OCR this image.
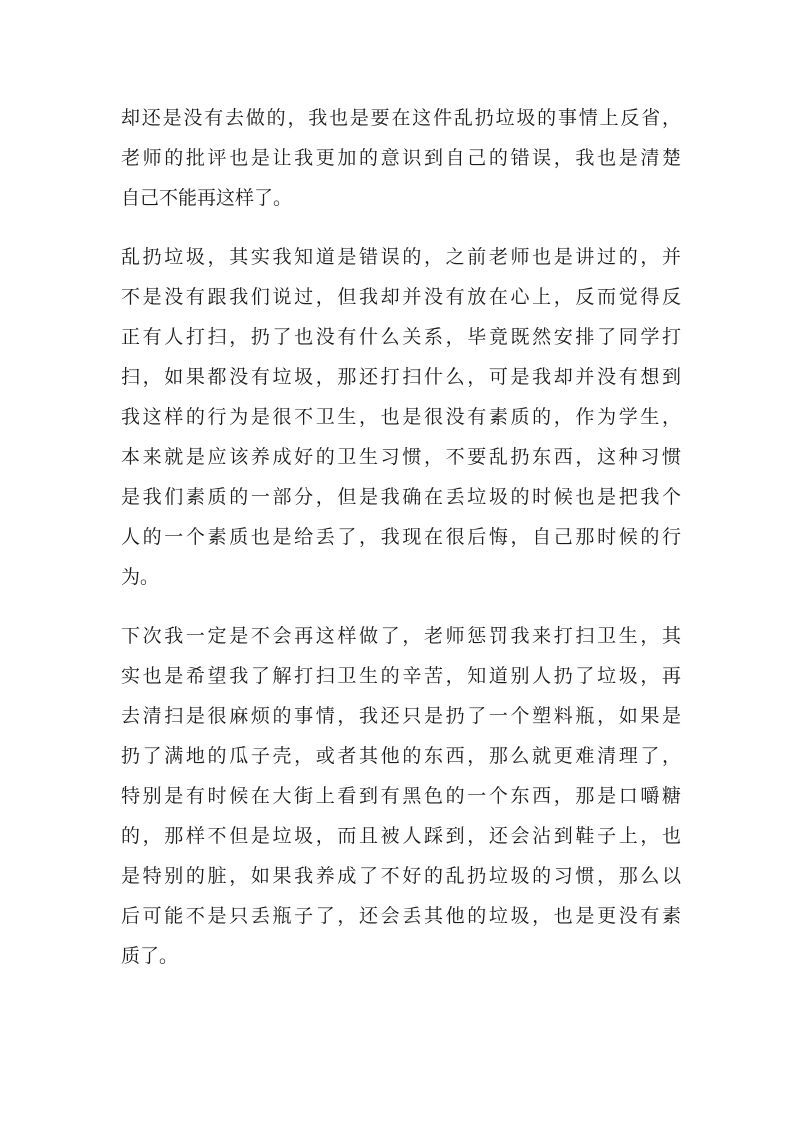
却还是没有去做的，我也是要在这件乱扔垃圾的事情上反省，
老师的批评也是让我更加的意识到自己的错误，我也是清楚
自己不能再这样了。
乱扔垃圾，其实我知道是错误的，之前老师也是讲过的，并
不是没有跟我们说过，但我却并没有放在心上，反而觉得反
正有人打扫，扔了也没有什么关系，毕竟既然安排了同学打
扫，如果都没有垃圾，那还打扫什么，可是我却并没有想到
我这样的行为是很不卫生，也是很没有素质的，作为学生，
本来就是应该养成好的卫生习惯，不要乱扔东西，这种习惯
是我们素质的一部分，但是我确在丢垃圾的时候也是把我个
人的一个素质也是给丢了，我现在很后悔，自己那时候的行
为。
下次我一定是不会再这样做了，老师惩罚我来打扫卫生，其
实也是希望我了解打扫卫生的辛苦，知道别人扔了垃圾，再
去清扫是很麻烦的事情，我还只是扔了一个塑料瓶，如果是
扔了满地的瓜子壳，或者其他的东西，那么就更难清理了，
特别是有时候在大街上看到有黑色的一个东西，那是口嚼糖
的，那样不但是垃圾，而且被人踩到，还会沾到鞋子上，也
是特别的脏，如果我养成了不好的乱扔垃圾的习惯，那么以
后可能不是只丢瓶子了，还会丢其他的垃圾，也是更没有素
质了。
